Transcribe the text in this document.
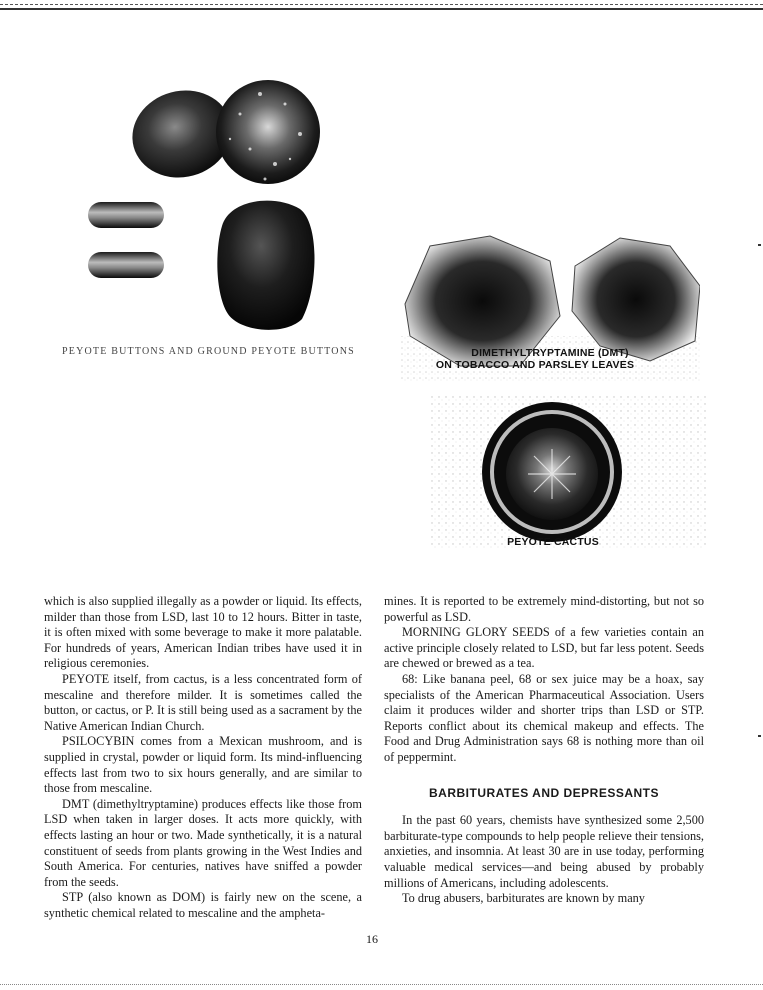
PEYOTE BUTTONS AND GROUND PEYOTE BUTTONS	DIMETHYLTRYPTAMINE (DMT)
ON TOBACCO AND PARSLEY LEAVES
PEYOTE CACTUS

which is also supplied illegally as a powder or liquid. Its effects, milder than those from LSD, last 10 to 12 hours. Bitter in taste, it is often mixed with some beverage to make it more palatable. For hundreds of years, American Indian tribes have used it in religious ceremonies.

PEYOTE itself, from cactus, is a less concentrated form of mescaline and therefore milder. It is sometimes called the button, or cactus, or P. It is still being used as a sacrament by the Native American Indian Church.

PSILOCYBIN comes from a Mexican mushroom, and is supplied in crystal, powder or liquid form. Its mind-influencing effects last from two to six hours generally, and are similar to those from mescaline.

DMT (dimethyltryptamine) produces effects like those from LSD when taken in larger doses. It acts more quickly, with effects lasting an hour or two. Made synthetically, it is a natural constituent of seeds from plants growing in the West Indies and South America. For centuries, natives have sniffed a powder from the seeds.

STP (also known as DOM) is fairly new on the scene, a synthetic chemical related to mescaline and the ampheta-

mines. It is reported to be extremely mind-distorting, but not so powerful as LSD.

MORNING GLORY SEEDS of a few varieties contain an active principle closely related to LSD, but far less potent. Seeds are chewed or brewed as a tea.

68: Like banana peel, 68 or sex juice may be a hoax, say specialists of the American Pharmaceutical Association. Users claim it produces wilder and shorter trips than LSD or STP. Reports conflict about its chemical makeup and effects. The Food and Drug Administration says 68 is nothing more than oil of peppermint.

BARBITURATES AND DEPRESSANTS

In the past 60 years, chemists have synthesized some 2,500 barbiturate-type compounds to help people relieve their tensions, anxieties, and insomnia. At least 30 are in use today, performing valuable medical services—and being abused by probably millions of Americans, including adolescents.

To drug abusers, barbiturates are known by many

16
